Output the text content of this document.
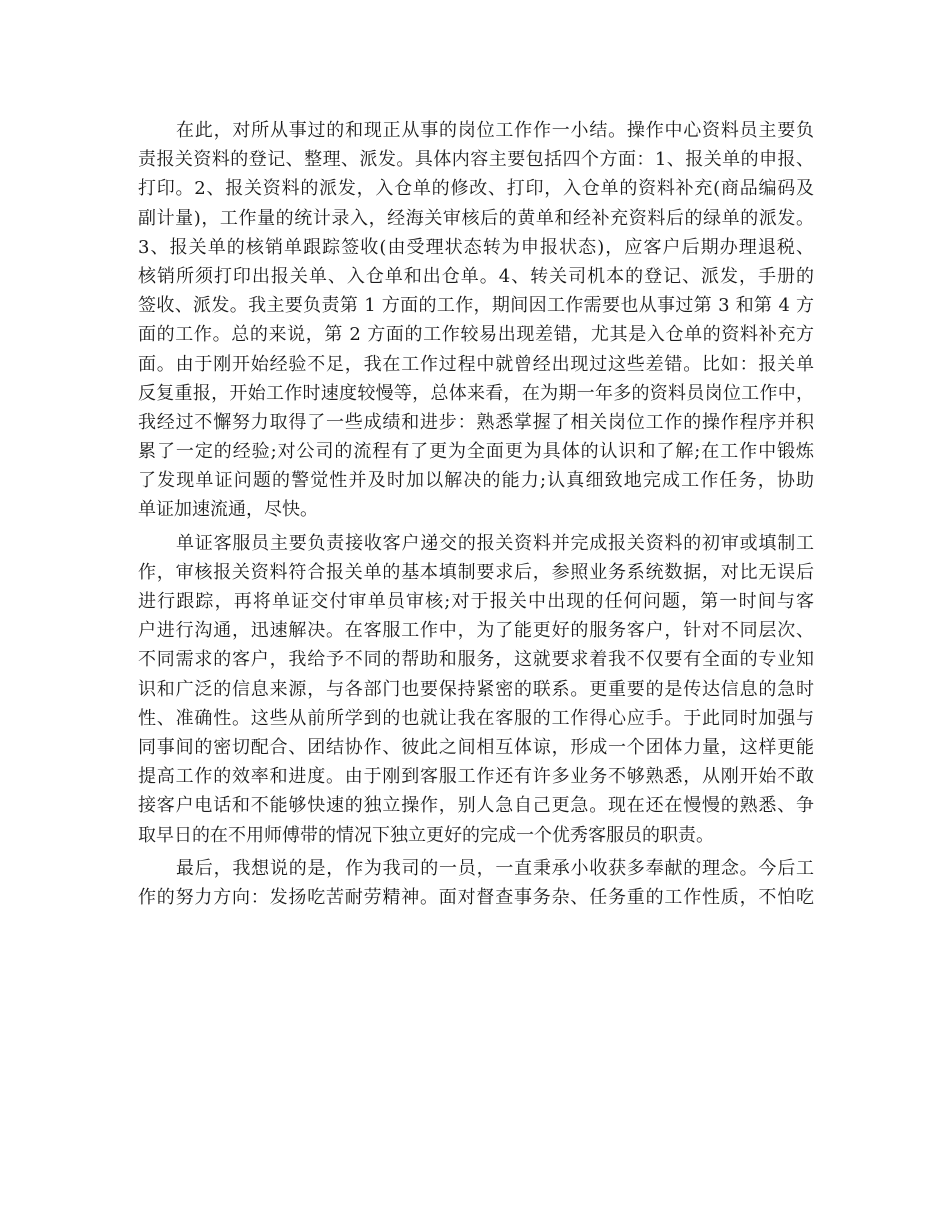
在此，对所从事过的和现正从事的岗位工作作一小结。操作中心资料员主要负
责报关资料的登记、整理、派发。具体内容主要包括四个方面：1、报关单的申报、
打印。2、报关资料的派发，入仓单的修改、打印，入仓单的资料补充(商品编码及
副计量)，工作量的统计录入，经海关审核后的黄单和经补充资料后的绿单的派发。
3、报关单的核销单跟踪签收(由受理状态转为申报状态)，应客户后期办理退税、
核销所须打印出报关单、入仓单和出仓单。4、转关司机本的登记、派发，手册的
签收、派发。我主要负责第 1 方面的工作，期间因工作需要也从事过第 3 和第 4 方
面的工作。总的来说，第 2 方面的工作较易出现差错，尤其是入仓单的资料补充方
面。由于刚开始经验不足，我在工作过程中就曾经出现过这些差错。比如：报关单
反复重报，开始工作时速度较慢等，总体来看，在为期一年多的资料员岗位工作中，
我经过不懈努力取得了一些成绩和进步：熟悉掌握了相关岗位工作的操作程序并积
累了一定的经验;对公司的流程有了更为全面更为具体的认识和了解;在工作中锻炼
了发现单证问题的警觉性并及时加以解决的能力;认真细致地完成工作任务，协助
单证加速流通，尽快。
单证客服员主要负责接收客户递交的报关资料并完成报关资料的初审或填制工
作，审核报关资料符合报关单的基本填制要求后，参照业务系统数据，对比无误后
进行跟踪，再将单证交付审单员审核;对于报关中出现的任何问题，第一时间与客
户进行沟通，迅速解决。在客服工作中，为了能更好的服务客户，针对不同层次、
不同需求的客户，我给予不同的帮助和服务，这就要求着我不仅要有全面的专业知
识和广泛的信息来源，与各部门也要保持紧密的联系。更重要的是传达信息的急时
性、准确性。这些从前所学到的也就让我在客服的工作得心应手。于此同时加强与
同事间的密切配合、团结协作、彼此之间相互体谅，形成一个团体力量，这样更能
提高工作的效率和进度。由于刚到客服工作还有许多业务不够熟悉，从刚开始不敢
接客户电话和不能够快速的独立操作，别人急自己更急。现在还在慢慢的熟悉、争
取早日的在不用师傅带的情况下独立更好的完成一个优秀客服员的职责。
最后，我想说的是，作为我司的一员，一直秉承小收获多奉献的理念。今后工
作的努力方向：发扬吃苦耐劳精神。面对督查事务杂、任务重的工作性质，不怕吃
